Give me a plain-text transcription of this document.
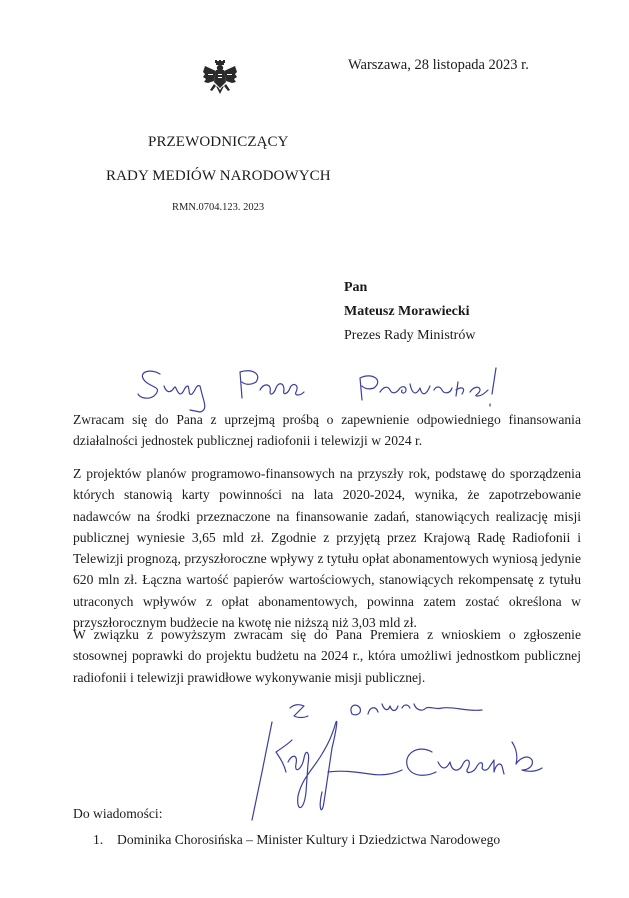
Warszawa, 28 listopada 2023 r.
PRZEWODNICZĄCY
RADY MEDIÓW NARODOWYCH
RMN.0704.123. 2023
Pan
Mateusz Morawiecki
Prezes Rady Ministrów
Zwracam się do Pana z uprzejmą prośbą o zapewnienie odpowiedniego finansowania działalności jednostek publicznej radiofonii i telewizji w 2024 r.
Z projektów planów programowo-finansowych na przyszły rok, podstawę do sporządzenia których stanowią karty powinności na lata 2020-2024, wynika, że zapotrzebowanie nadawców na środki przeznaczone na finansowanie zadań, stanowiących realizację misji publicznej wyniesie 3,65 mld zł. Zgodnie z przyjętą przez Krajową Radę Radiofonii i Telewizji prognozą, przyszłoroczne wpływy z tytułu opłat abonamentowych wyniosą jedynie 620 mln zł. Łączna wartość papierów wartościowych, stanowiących rekompensatę z tytułu utraconych wpływów z opłat abonamentowych, powinna zatem zostać określona w przyszłorocznym budżecie na kwotę nie niższą niż 3,03 mld zł.
W związku z powyższym zwracam się do Pana Premiera z wnioskiem o zgłoszenie stosownej poprawki do projektu budżetu na 2024 r., która umożliwi jednostkom publicznej radiofonii i telewizji prawidłowe wykonywanie misji publicznej.
Do wiadomości:
1. Dominika Chorosińska – Minister Kultury i Dziedzictwa Narodowego
